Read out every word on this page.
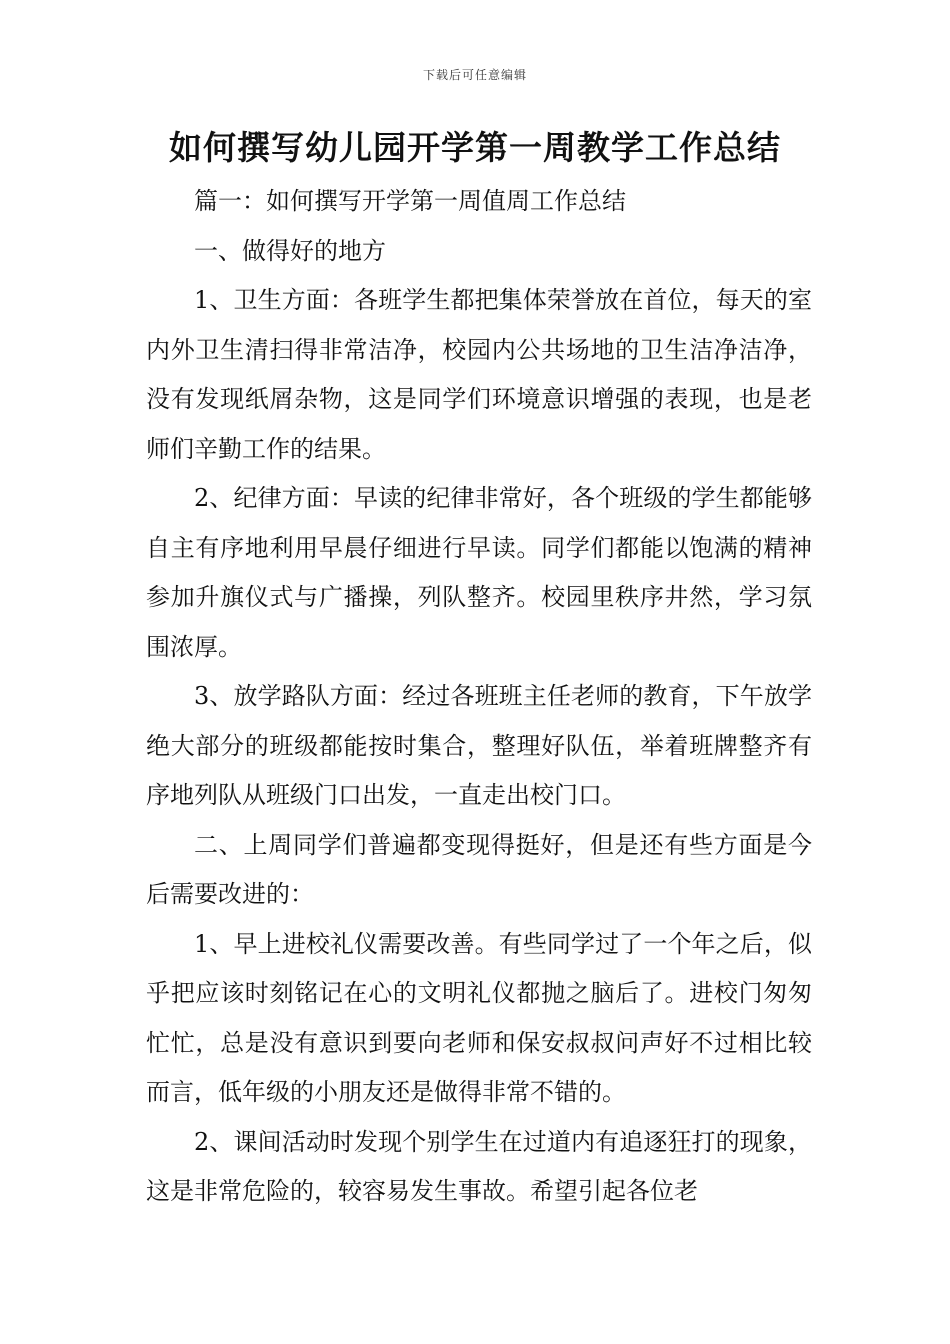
下载后可任意编辑
如何撰写幼儿园开学第一周教学工作总结

篇一：如何撰写开学第一周值周工作总结

一、做得好的地方

1、卫生方面：各班学生都把集体荣誉放在首位，每天的室内外卫生清扫得非常洁净，校园内公共场地的卫生洁净洁净，没有发现纸屑杂物，这是同学们环境意识增强的表现，也是老师们辛勤工作的结果。

2、纪律方面：早读的纪律非常好，各个班级的学生都能够自主有序地利用早晨仔细进行早读。同学们都能以饱满的精神参加升旗仪式与广播操，列队整齐。校园里秩序井然，学习氛围浓厚。

3、放学路队方面：经过各班班主任老师的教育，下午放学绝大部分的班级都能按时集合，整理好队伍，举着班牌整齐有序地列队从班级门口出发，一直走出校门口。

二、上周同学们普遍都变现得挺好，但是还有些方面是今后需要改进的：

1、早上进校礼仪需要改善。有些同学过了一个年之后，似乎把应该时刻铭记在心的文明礼仪都抛之脑后了。进校门匆匆忙忙，总是没有意识到要向老师和保安叔叔问声好不过相比较而言，低年级的小朋友还是做得非常不错的。

2、课间活动时发现个别学生在过道内有追逐狂打的现象，这是非常危险的，较容易发生事故。希望引起各位老
